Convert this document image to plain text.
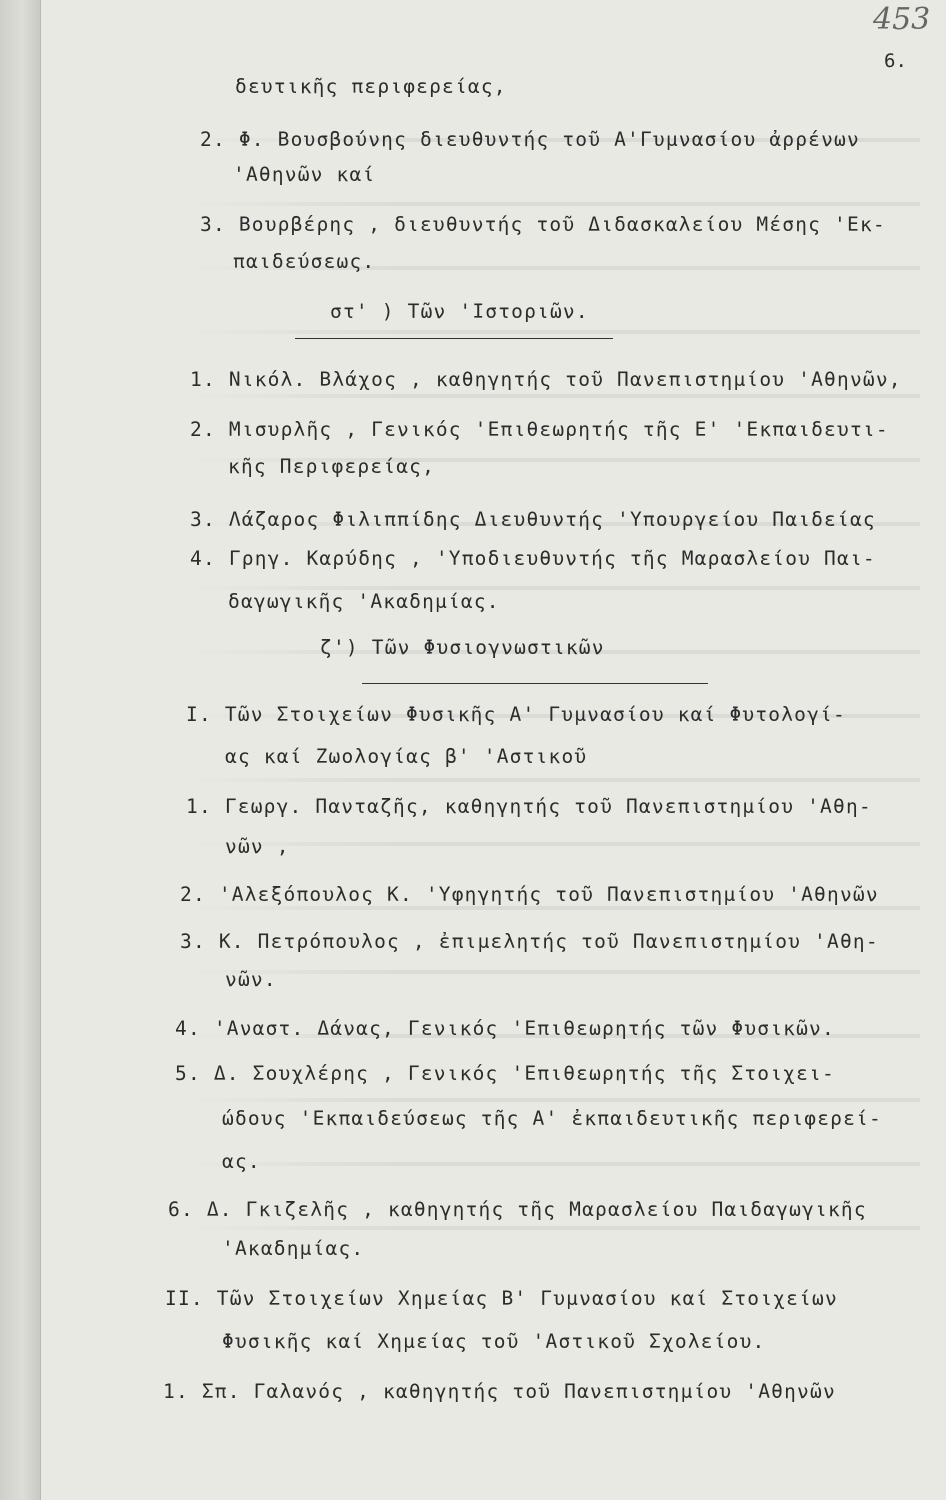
453
6.
δευτικῆς περιφερείας,
2. Φ. Βουσβούνης διευθυντής τοῦ Α'Γυμνασίου ἀρρένων
'Αθηνῶν καί
3. Βουρβέρης , διευθυντής τοῦ Διδασκαλείου Μέσης 'Εκ-
παιδεύσεως.
στ' ) Τῶν 'Ιστοριῶν.
1. Νικόλ. Βλάχος , καθηγητής τοῦ Πανεπιστημίου 'Αθηνῶν,
2. Μισυρλῆς , Γενικός 'Επιθεωρητής τῆς Ε' 'Εκπαιδευτι-
κῆς Περιφερείας,
3. Λάζαρος Φιλιππίδης Διευθυντής 'Υπουργείου Παιδείας
4. Γρηγ. Καρύδης , 'Υποδιευθυντής τῆς Μαρασλείου Παι-
δαγωγικῆς 'Ακαδημίας.
ζ') Τῶν Φυσιογνωστικῶν
I. Τῶν Στοιχείων Φυσικῆς Α' Γυμνασίου καί Φυτολογί-
ας καί Ζωολογίας β' 'Αστικοῦ
1. Γεωργ. Πανταζῆς, καθηγητής τοῦ Πανεπιστημίου 'Αθη-
νῶν ,
2. 'Αλεξόπουλος Κ. 'Υφηγητής τοῦ Πανεπιστημίου 'Αθηνῶν
3. Κ. Πετρόπουλος , ἐπιμελητής τοῦ Πανεπιστημίου 'Αθη-
νῶν.
4. 'Αναστ. Δάνας, Γενικός 'Επιθεωρητής τῶν Φυσικῶν.
5. Δ. Σουχλέρης , Γενικός 'Επιθεωρητής τῆς Στοιχει-
ώδους 'Εκπαιδεύσεως τῆς Α' ἐκπαιδευτικῆς περιφερεί-
ας.
6. Δ. Γκιζελῆς , καθηγητής τῆς Μαρασλείου Παιδαγωγικῆς
'Ακαδημίας.
II. Τῶν Στοιχείων Χημείας Β' Γυμνασίου καί Στοιχείων
Φυσικῆς καί Χημείας τοῦ 'Αστικοῦ Σχολείου.
1. Σπ. Γαλανός , καθηγητής τοῦ Πανεπιστημίου 'Αθηνῶν
